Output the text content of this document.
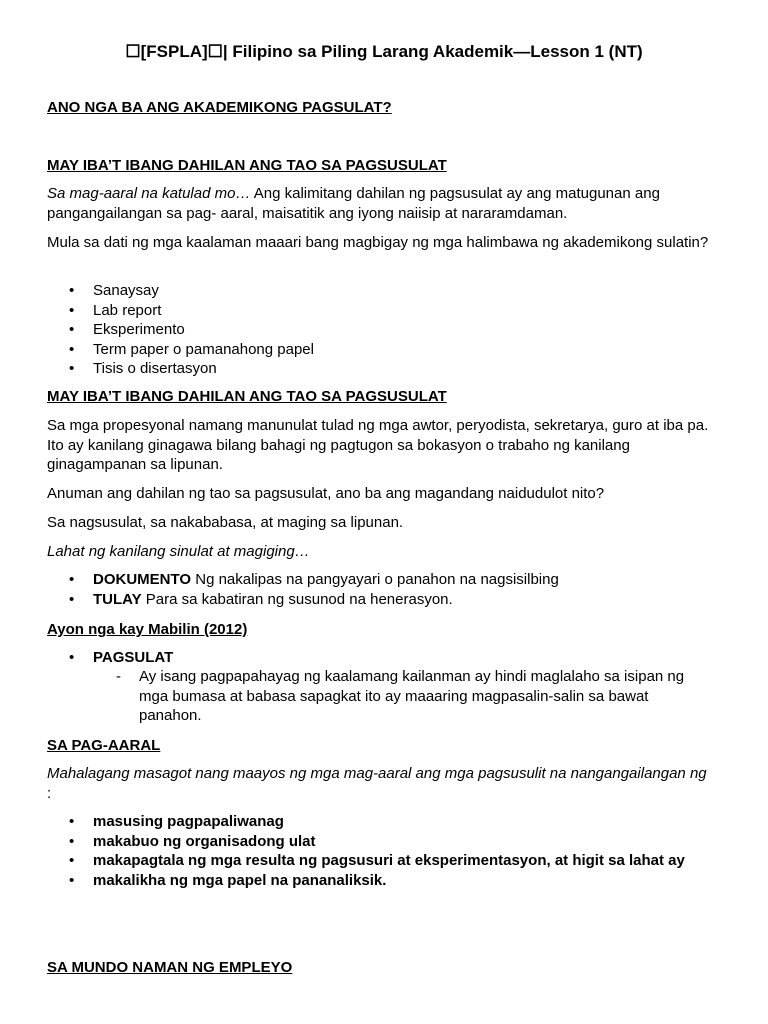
☐[FSPLA]☐| Filipino sa Piling Larang Akademik—Lesson 1 (NT)

ANO NGA BA ANG AKADEMIKONG PAGSULAT?

MAY IBA’T IBANG DAHILAN ANG TAO SA PAGSUSULAT

Sa mag-aaral na katulad mo… Ang kalimitang dahilan ng pagsusulat ay ang matugunan ang pangangailangan sa pag- aaral, maisatitik ang iyong naiisip at nararamdaman.

Mula sa dati ng mga kaalaman maaari bang magbigay ng mga halimbawa ng akademikong sulatin?

• Sanaysay
• Lab report
• Eksperimento
• Term paper o pamanahong papel
• Tisis o disertasyon

MAY IBA’T IBANG DAHILAN ANG TAO SA PAGSUSULAT

Sa mga propesyonal namang manunulat tulad ng mga awtor, peryodista, sekretarya, guro at iba pa. Ito ay kanilang ginagawa bilang bahagi ng pagtugon sa bokasyon o trabaho ng kanilang ginagampanan sa lipunan.

Anuman ang dahilan ng tao sa pagsusulat, ano ba ang magandang naidudulot nito?

Sa nagsusulat, sa nakababasa, at maging sa lipunan.

Lahat ng kanilang sinulat at magiging…

• DOKUMENTO Ng nakalipas na pangyayari o panahon na nagsisilbing
• TULAY Para sa kabatiran ng susunod na henerasyon.

Ayon nga kay Mabilin (2012)

• PAGSULAT
- Ay isang pagpapahayag ng kaalamang kailanman ay hindi maglalaho sa isipan ng mga bumasa at babasa sapagkat ito ay maaaring magpasalin-salin sa bawat panahon.

SA PAG-AARAL

Mahalagang masagot nang maayos ng mga mag-aaral ang mga pagsusulit na nangangailangan ng :

• masusing pagpapaliwanag
• makabuo ng organisadong ulat
• makapagtala ng mga resulta ng pagsusuri at eksperimentasyon, at higit sa lahat ay
• makalikha ng mga papel na pananaliksik.

SA MUNDO NAMAN NG EMPLEYO
